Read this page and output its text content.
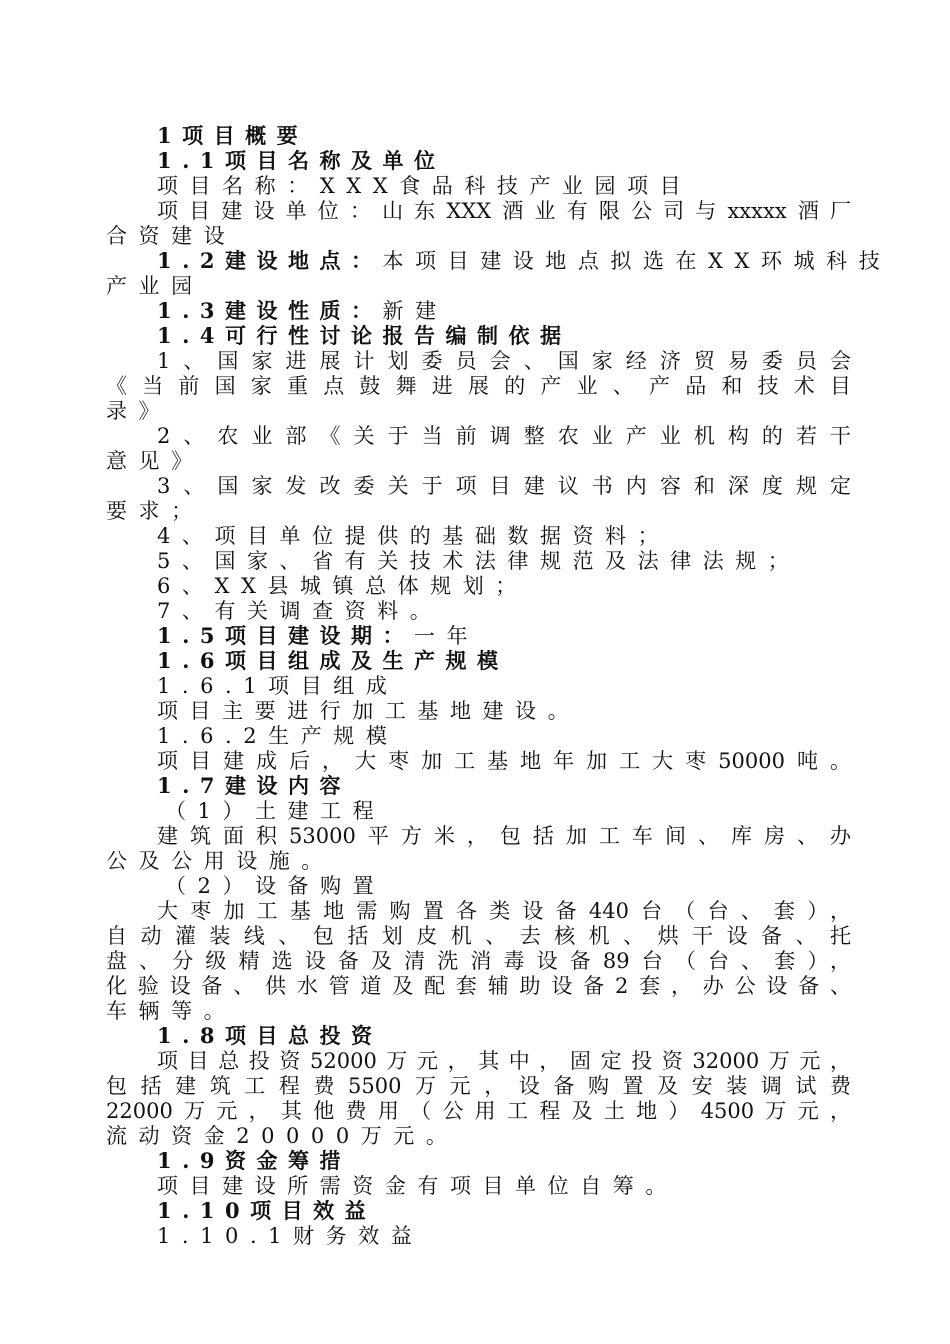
1项目概要
1.1项目名称及单位
项目名称：XXX食品科技产业园项目
项目建设单位：山东XXX酒业有限公司与xxxxx酒厂
合资建设
1.2建设地点：本项目建设地点拟选在XX环城科技
产业园
1.3建设性质：新建
1.4可行性讨论报告编制依据
1、国家进展计划委员会、国家经济贸易委员会
《当前国家重点鼓舞进展的产业、产品和技术目
录》
2、农业部《关于当前调整农业产业机构的若干
意见》
3、国家发改委关于项目建议书内容和深度规定
要求；
4、项目单位提供的基础数据资料；
5、国家、省有关技术法律规范及法律法规；
6、XX县城镇总体规划；
7、有关调查资料。
1.5项目建设期：一年
1.6项目组成及生产规模
1.6.1项目组成
项目主要进行加工基地建设。
1.6.2生产规模
项目建成后，大枣加工基地年加工大枣50000吨。
1.7建设内容
（1）土建工程
建筑面积53000平方米，包括加工车间、库房、办
公及公用设施。
（2）设备购置
大枣加工基地需购置各类设备440台（台、套），
自动灌装线、包括划皮机、去核机、烘干设备、托
盘、分级精选设备及清洗消毒设备89台（台、套），
化验设备、供水管道及配套辅助设备2套，办公设备、
车辆等。
1.8项目总投资
项目总投资52000万元，其中，固定投资32000万元，
包括建筑工程费5500万元，设备购置及安装调试费
22000万元，其他费用（公用工程及土地）4500万元，
流动资金20000万元。
1.9资金筹措
项目建设所需资金有项目单位自筹。
1.10项目效益
1.10.1财务效益
